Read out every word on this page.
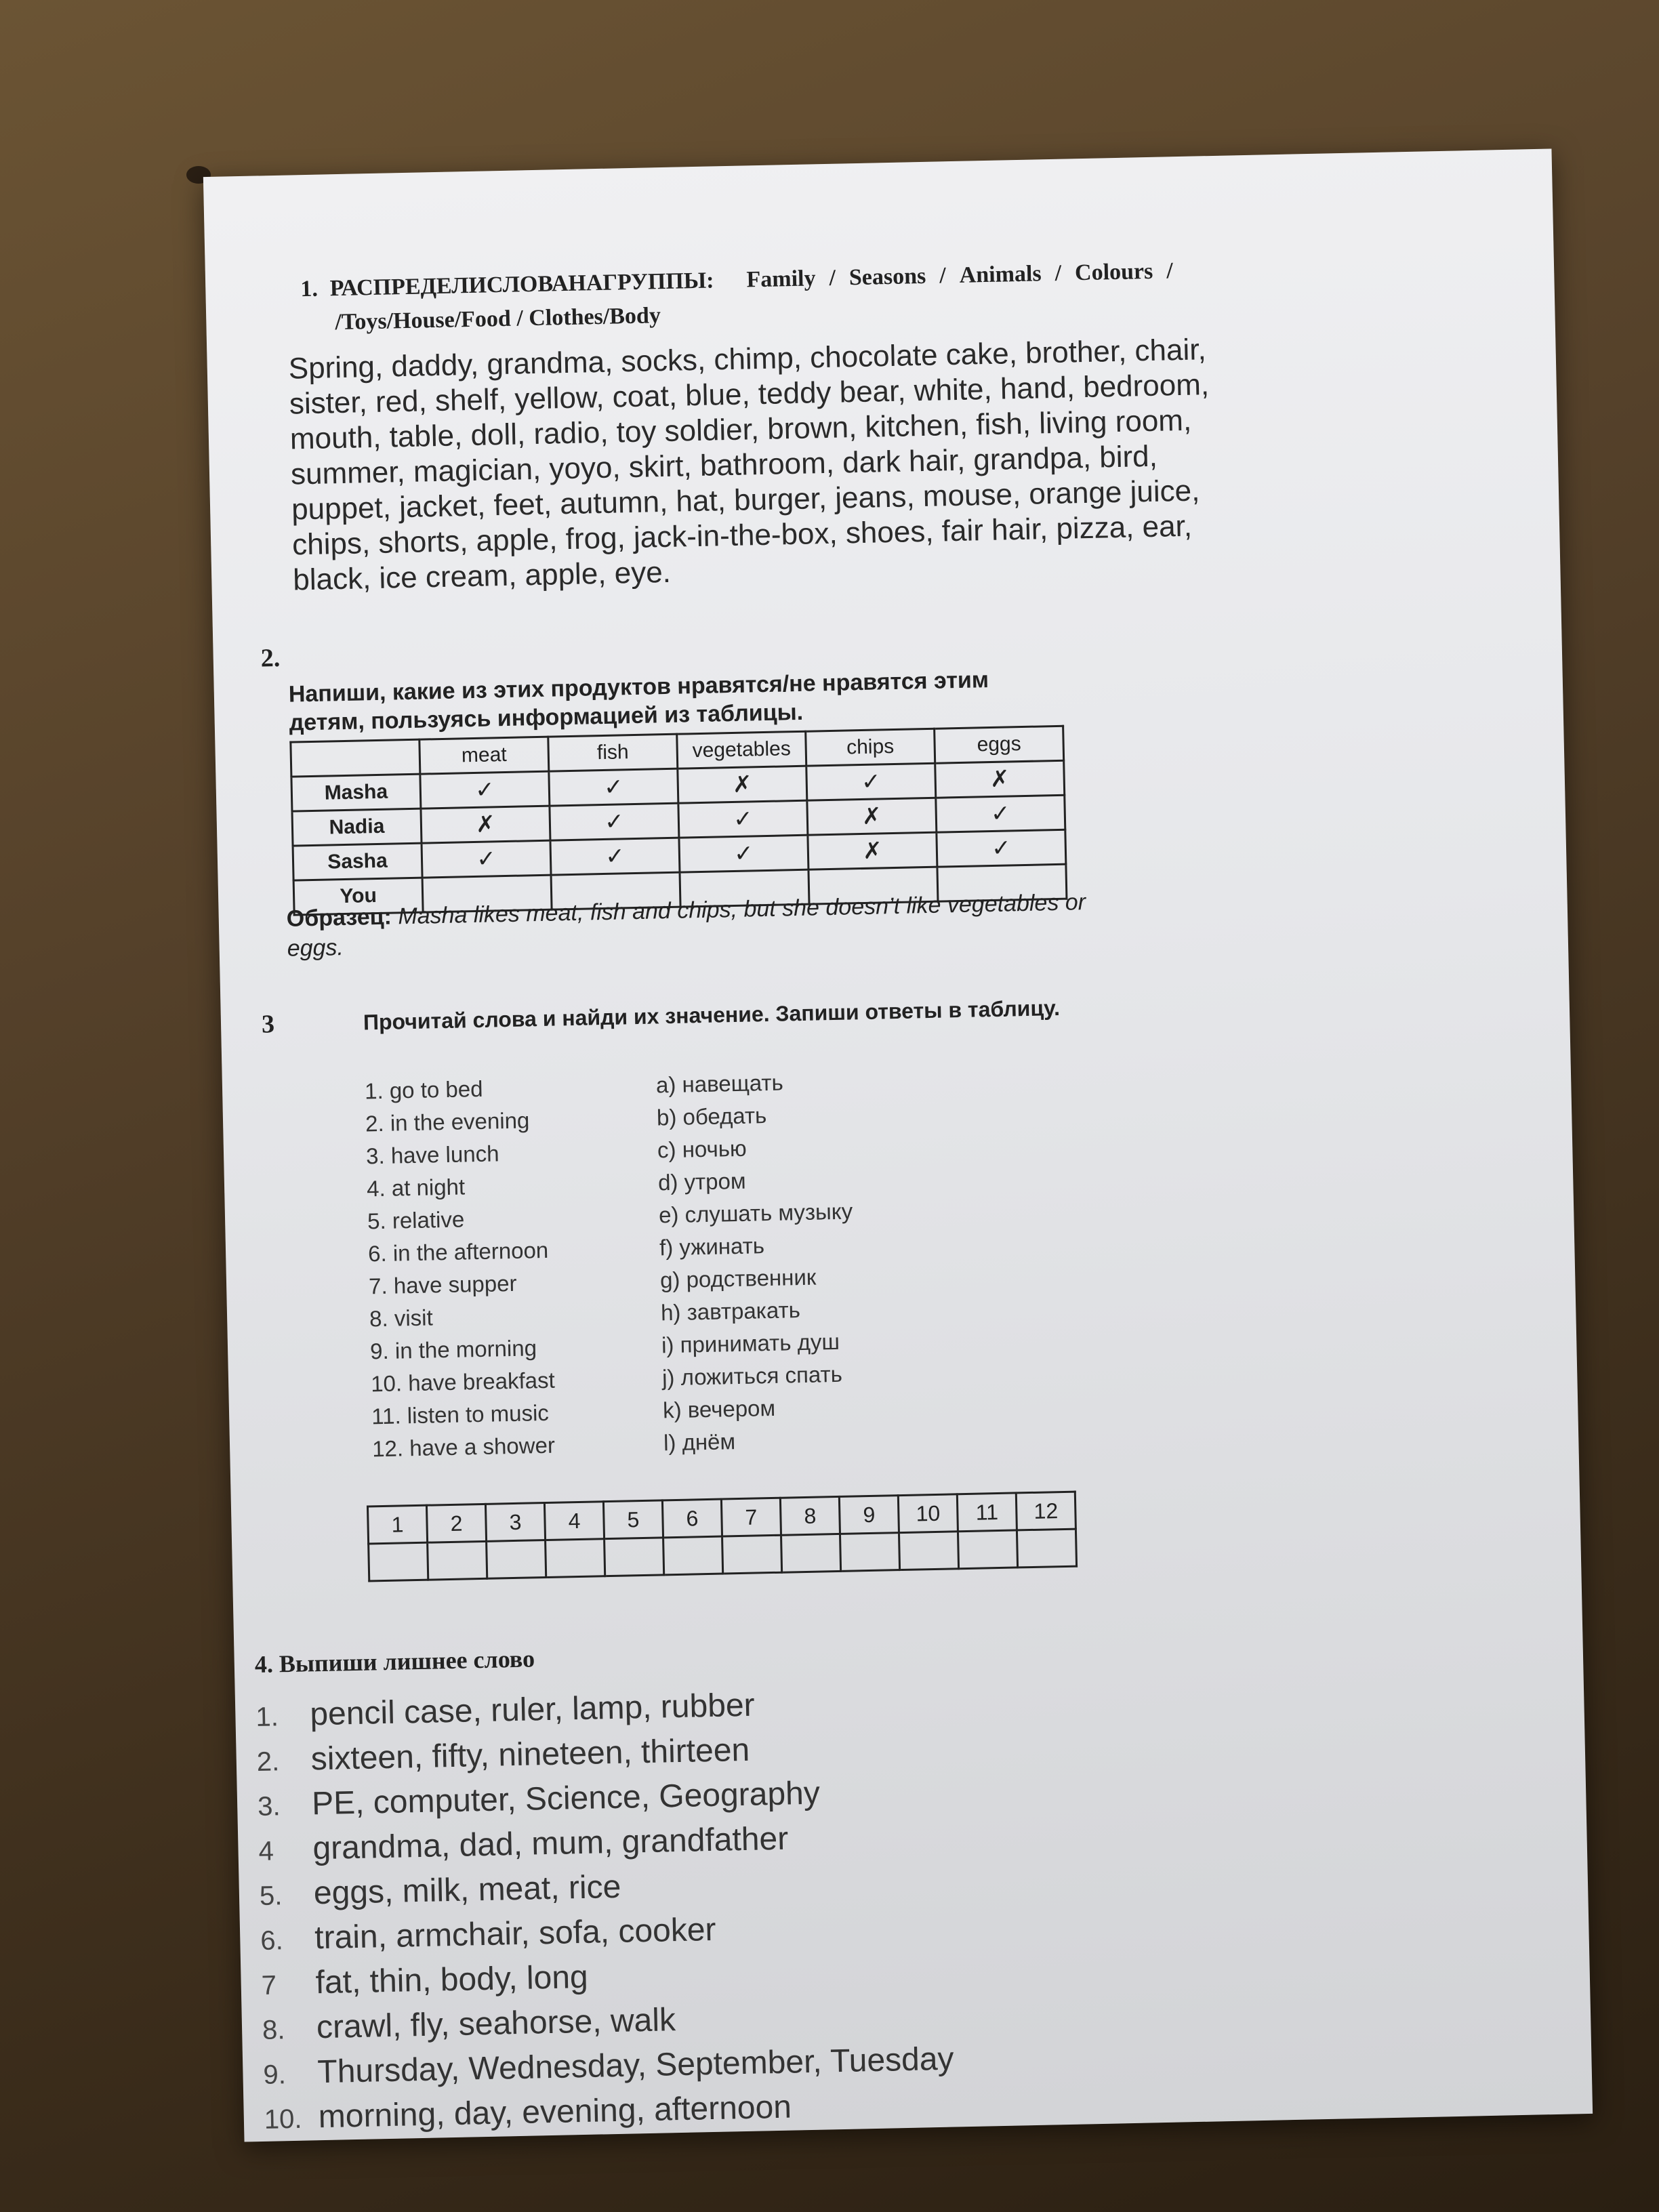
1. РАСПРЕДЕЛИСЛОВАНАГРУППЫ: Family / Seasons / Animals / Colours /
/Toys/House/Food / Clothes/Body
Spring, daddy, grandma, socks, chimp, chocolate cake, brother, chair, sister, red, shelf, yellow, coat, blue, teddy bear, white, hand, bedroom, mouth, table, doll, radio, toy soldier, brown, kitchen, fish, living room, summer, magician, yoyo, skirt, bathroom, dark hair, grandpa, bird, puppet, jacket, feet, autumn, hat, burger, jeans, mouse, orange juice, chips, shorts, apple, frog, jack-in-the-box, shoes, fair hair, pizza, ear, black, ice cream, apple, eye.
2.
Напиши, какие из этих продуктов нравятся/не нравятся этим детям, пользуясь информацией из таблицы.
	meat	fish	vegetables	chips	eggs
Masha	✓	✓	✗	✓	✗
Nadia	✗	✓	✓	✗	✓
Sasha	✓	✓	✓	✗	✓
You					
Образец: Masha likes meat, fish and chips, but she doesn’t like vegetables or eggs.
3	Прочитай слова и найди их значение. Запиши ответы в таблицу.
1. go to bed
2. in the evening
3. have lunch
4. at night
5. relative
6. in the afternoon
7. have supper
8. visit
9. in the morning
10. have breakfast
11. listen to music
12. have a shower
a) навещать
b) обедать
c) ночью
d) утром
e) слушать музыку
f) ужинать
g) родственник
h) завтракать
i) принимать душ
j) ложиться спать
k) вечером
l) днём
1	2	3	4	5	6	7	8	9	10	11	12

4. Выпиши лишнее слово
1. pencil case, ruler, lamp, rubber
2. sixteen, fifty, nineteen, thirteen
3. PE, computer, Science, Geography
4 grandma, dad, mum, grandfather
5. eggs, milk, meat, rice
6. train, armchair, sofa, cooker
7 fat, thin, body, long
8. crawl, fly, seahorse, walk
9. Thursday, Wednesday, September, Tuesday
10. morning, day, evening, afternoon
